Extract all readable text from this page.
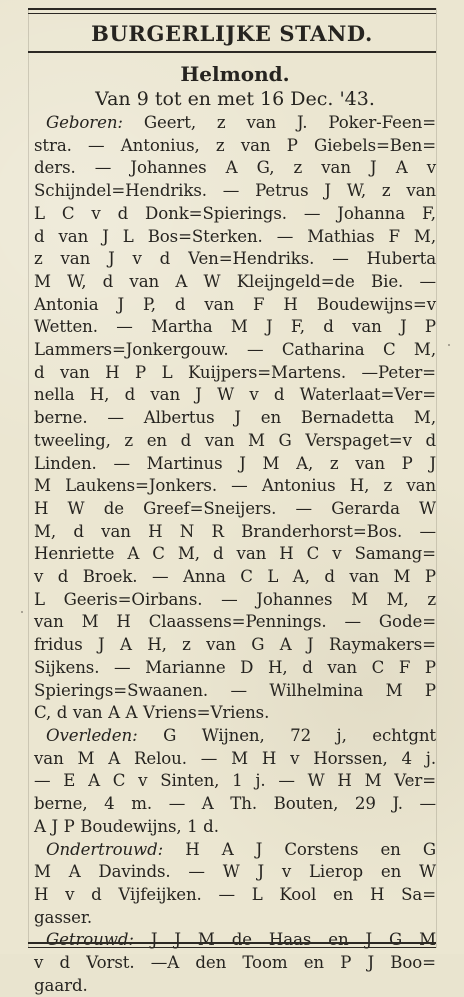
BURGERLIJKE STAND.
Helmond.
Van 9 tot en met 16 Dec. '43.
Geboren: Geert, z van J. Poker-Feen=
stra. — Antonius, z van P Giebels=Ben=
ders. — Johannes A G, z van J A v
Schijndel=Hendriks. — Petrus J W, z van
L C v d Donk=Spierings. — Johanna F,
d van J L Bos=Sterken. — Mathias F M,
z van J v d Ven=Hendriks. — Huberta
M W, d van A W Kleijngeld=de Bie. —
Antonia J P, d van F H Boudewijns=v
Wetten. — Martha M J F, d van J P
Lammers=Jonkergouw. — Catharina C M,
d van H P L Kuijpers=Martens. —Peter=
nella H, d van J W v d Waterlaat=Ver=
berne. — Albertus J en Bernadetta M,
tweeling, z en d van M G Verspaget=v d
Linden. — Martinus J M A, z van P J
M Laukens=Jonkers. — Antonius H, z van
H W de Greef=Sneijers. — Gerarda W
M, d van H N R Branderhorst=Bos. —
Henriette A C M, d van H C v Samang=
v d Broek. — Anna C L A, d van M P
L Geeris=Oirbans. — Johannes M M, z
van M H Claassens=Pennings. — Gode=
fridus J A H, z van G A J Raymakers=
Sijkens. — Marianne D H, d van C F P
Spierings=Swaanen. — Wilhelmina M P
C, d van A A Vriens=Vriens.
Overleden: G Wijnen, 72 j, echtgnt
van M A Relou. — M H v Horssen, 4 j.
— E A C v Sinten, 1 j. — W H M Ver=
berne, 4 m. — A Th. Bouten, 29 J. —
A J P Boudewijns, 1 d.
Ondertrouwd: H A J Corstens en G
M A Davinds. — W J v Lierop en W
H v d Vijfeijken. — L Kool en H Sa=
gasser.
Getrouwd: J J M de Haas en J G M
v d Vorst. —A den Toom en P J Boo=
gaard.
